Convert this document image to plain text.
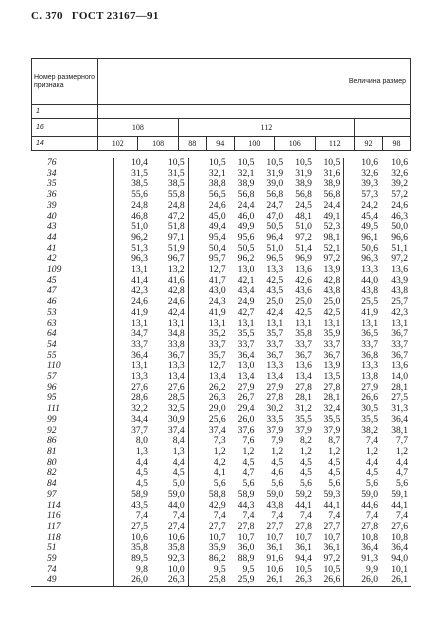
С. 370 ГОСТ 23167—91
Номер размерного признака	Величина размер								
1									
16	108		112						
14	102	108	88	94	100	106	112	92	98
76	10,4	10,5	10,5	10,5	10,5	10,5	10,5	10,6	10,6
34	31,5	31,5	32,1	32,1	31,9	31,9	31,6	32,6	32,6
35	38,5	38,5	38,8	38,9	39,0	38,9	38,9	39,3	39,2
36	55,6	55,8	56,5	56,8	56,8	56,8	56,8	57,3	57,2
39	24,8	24,8	24,6	24,4	24,7	24,5	24,4	24,2	24,6
40	46,8	47,2	45,0	46,0	47,0	48,1	49,1	45,4	46,3
43	51,0	51,8	49,4	49,9	50,5	51,0	52,3	49,5	50,0
44	96,2	97,1	95,4	95,6	96,4	97,2	98,1	96,1	96,6
41	51,3	51,9	50,4	50,5	51,0	51,4	52,1	50,6	51,1
42	96,3	96,7	95,7	96,2	96,5	96,9	97,2	96,3	97,2
109	13,1	13,2	12,7	13,0	13,3	13,6	13,9	13,3	13,6
45	41,4	41,6	41,7	42,1	42,5	42,6	42,8	44,0	43,9
47	42,3	42,8	43,0	43,4	43,5	43,6	43,8	43,8	43,8
46	24,6	24,6	24,3	24,9	25,0	25,0	25,0	25,5	25,7
53	41,9	42,4	41,9	42,7	42,4	42,5	42,5	41,9	42,3
63	13,1	13,1	13,1	13,1	13,1	13,1	13,1	13,1	13,1
64	34,7	34,8	35,2	35,5	35,7	35,8	35,9	36,5	36,7
54	33,7	33,8	33,7	33,7	33,7	33,7	33,7	33,7	33,7
55	36,4	36,7	35,7	36,4	36,7	36,7	36,7	36,8	36,7
110	13,1	13,3	12,7	13,0	13,3	13,6	13,9	13,3	13,6
57	13,3	13,4	13,4	13,4	13,4	13,4	13,5	13,8	14,0
96	27,6	27,6	26,2	27,9	27,9	27,8	27,8	27,9	28,1
95	28,6	28,5	26,3	26,7	27,8	28,1	28,1	26,6	27,5
111	32,2	32,5	29,0	29,4	30,2	31,2	32,4	30,5	31,3
99	34,4	30,9	25,6	26,0	33,5	35,5	35,5	35,5	36,4
92	37,7	37,4	37,4	37,6	37,9	37,9	37,9	38,2	38,1
86	8,0	8,4	7,3	7,6	7,9	8,2	8,7	7,4	7,7
81	1,3	1,3	1,2	1,2	1,2	1,2	1,2	1,2	1,2
80	4,4	4,4	4,2	4,5	4,5	4,5	4,5	4,4	4,4
82	4,5	4,5	4,1	4,7	4,6	4,5	4,5	4,5	4,7
84	4,5	5,0	5,6	5,6	5,6	5,6	5,6	5,6	5,6
97	58,9	59,0	58,8	58,9	59,0	59,2	59,3	59,0	59,1
114	43,5	44,0	42,9	44,3	43,8	44,1	44,1	44,6	44,1
116	7,4	7,4	7,4	7,4	7,4	7,4	7,4	7,4	7,4
117	27,5	27,4	27,7	27,8	27,7	27,8	27,7	27,8	27,6
118	10,6	10,6	10,7	10,7	10,7	10,7	10,7	10,8	10,8
51	35,8	35,8	35,9	36,0	36,1	36,1	36,1	36,4	36,4
59	89,5	92,3	86,2	88,9	91,6	94,4	97,2	91,3	94,0
74	9,8	10,0	9,5	9,5	10,6	10,5	10,5	9,9	10,1
49	26,0	26,3	25,8	25,9	26,1	26,3	26,6	26,0	26,1
